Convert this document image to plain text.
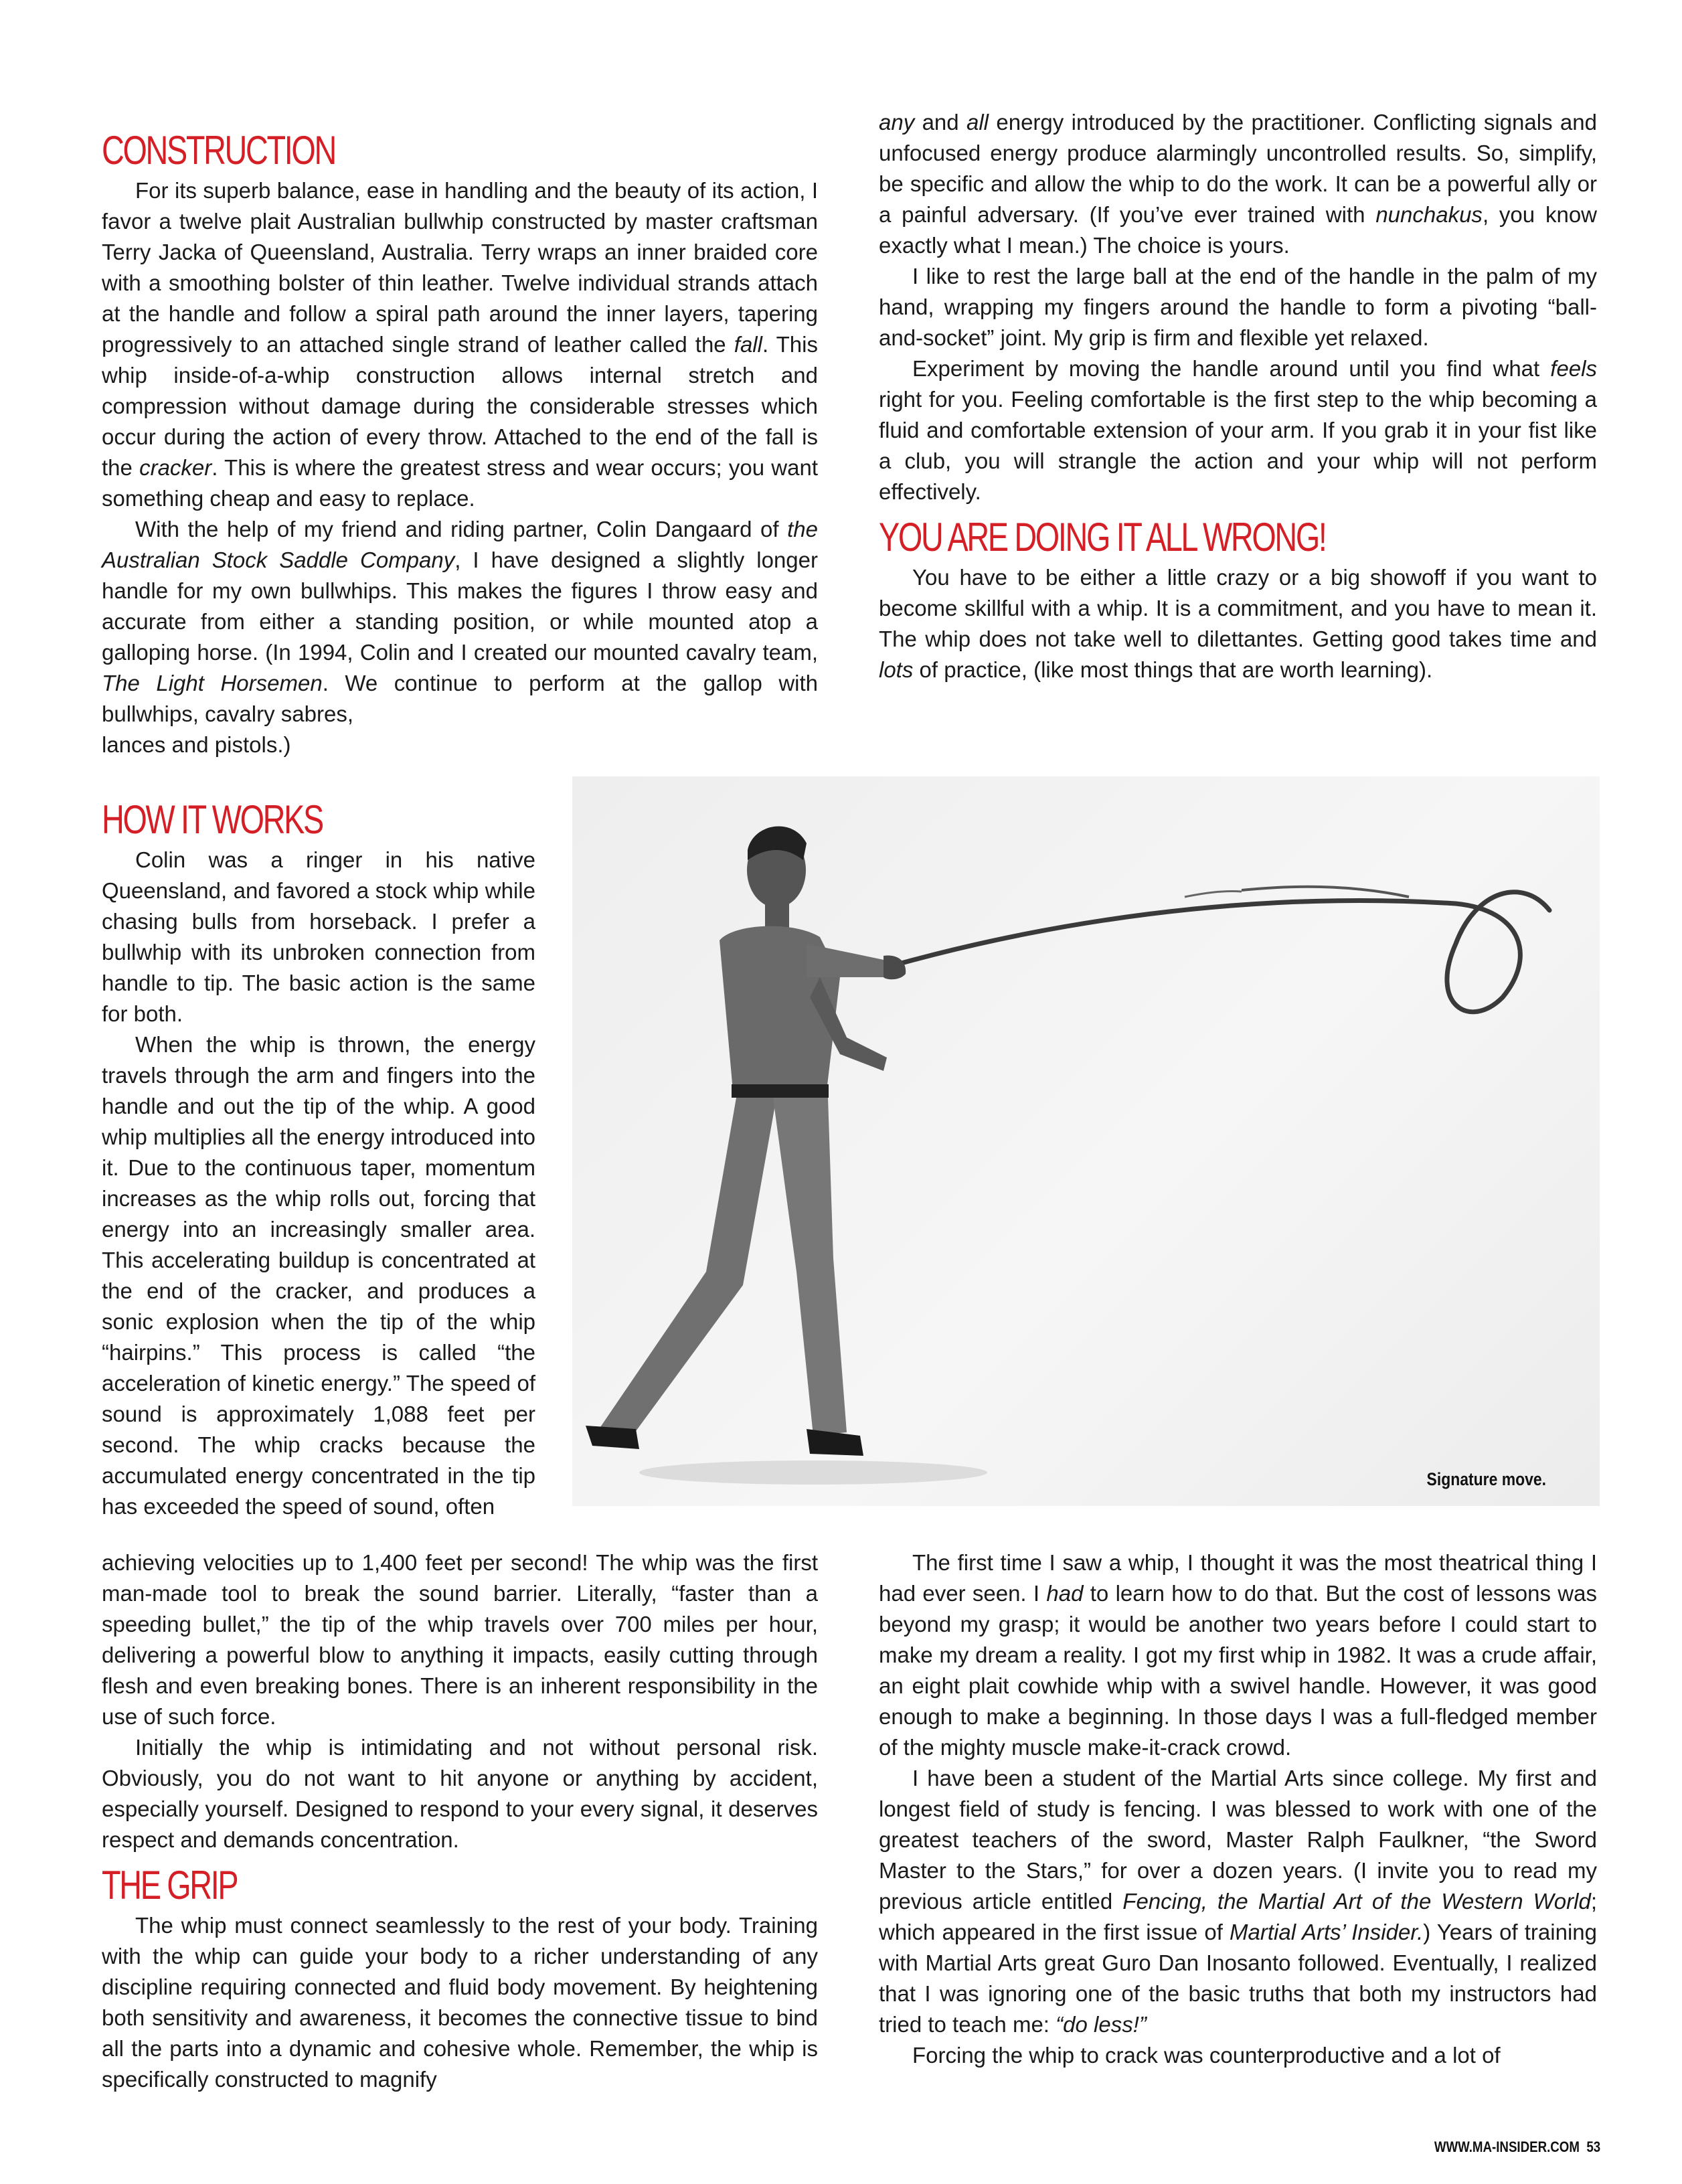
CONSTRUCTION

For its superb balance, ease in handling and the beauty of its action, I favor a twelve plait Australian bullwhip constructed by master craftsman Terry Jacka of Queensland, Australia. Terry wraps an inner braided core with a smoothing bolster of thin leather. Twelve individual strands attach at the handle and follow a spiral path around the inner layers, tapering progressively to an attached single strand of leather called the fall. This whip inside-of-a-whip construction allows internal stretch and compression without damage during the considerable stresses which occur during the action of every throw. Attached to the end of the fall is the cracker. This is where the greatest stress and wear occurs; you want something cheap and easy to replace.

With the help of my friend and riding partner, Colin Dangaard of the Australian Stock Saddle Company, I have designed a slightly longer handle for my own bullwhips. This makes the figures I throw easy and accurate from either a standing position, or while mounted atop a galloping horse. (In 1994, Colin and I created our mounted cavalry team, The Light Horsemen. We continue to perform at the gallop with bullwhips, cavalry sabres,

lances and pistols.)

HOW IT WORKS

Colin was a ringer in his native Queensland, and favored a stock whip while chasing bulls from horseback. I prefer a bullwhip with its unbroken connection from handle to tip. The basic action is the same for both.

When the whip is thrown, the energy travels through the arm and fingers into the handle and out the tip of the whip. A good whip multiplies all the energy introduced into it. Due to the continuous taper, momentum increases as the whip rolls out, forcing that energy into an increasingly smaller area. This accelerating buildup is concentrated at the end of the cracker, and produces a sonic explosion when the tip of the whip “hairpins.” This process is called “the acceleration of kinetic energy.” The speed of sound is approximately 1,088 feet per second. The whip cracks because the accumulated energy concentrated in the tip has exceeded the speed of sound, often

achieving velocities up to 1,400 feet per second! The whip was the first man-made tool to break the sound barrier. Literally, “faster than a speeding bullet,” the tip of the whip travels over 700 miles per hour, delivering a powerful blow to anything it impacts, easily cutting through flesh and even breaking bones. There is an inherent responsibility in the use of such force.

Initially the whip is intimidating and not without personal risk. Obviously, you do not want to hit anyone or anything by accident, especially yourself. Designed to respond to your every signal, it deserves respect and demands concentration.

THE GRIP

The whip must connect seamlessly to the rest of your body. Training with the whip can guide your body to a richer understanding of any discipline requiring connected and fluid body movement. By heightening both sensitivity and awareness, it becomes the connective tissue to bind all the parts into a dynamic and cohesive whole. Remember, the whip is specifically constructed to magnify

any and all energy introduced by the practitioner. Conflicting signals and unfocused energy produce alarmingly uncontrolled results. So, simplify, be specific and allow the whip to do the work. It can be a powerful ally or a painful adversary. (If you’ve ever trained with nunchakus, you know exactly what I mean.) The choice is yours.

I like to rest the large ball at the end of the handle in the palm of my hand, wrapping my fingers around the handle to form a pivoting “ball-and-socket” joint. My grip is firm and flexible yet relaxed.

Experiment by moving the handle around until you find what feels right for you. Feeling comfortable is the first step to the whip becoming a fluid and comfortable extension of your arm. If you grab it in your fist like a club, you will strangle the action and your whip will not perform effectively.

YOU ARE DOING IT ALL WRONG!

You have to be either a little crazy or a big showoff if you want to become skillful with a whip. It is a commitment, and you have to mean it. The whip does not take well to dilettantes. Getting good takes time and lots of practice, (like most things that are worth learning).

Signature move.

The first time I saw a whip, I thought it was the most theatrical thing I had ever seen. I had to learn how to do that. But the cost of lessons was beyond my grasp; it would be another two years before I could start to make my dream a reality. I got my first whip in 1982. It was a crude affair, an eight plait cowhide whip with a swivel handle. However, it was good enough to make a beginning. In those days I was a full-fledged member of the mighty muscle make-it-crack crowd.

I have been a student of the Martial Arts since college. My first and longest field of study is fencing. I was blessed to work with one of the greatest teachers of the sword, Master Ralph Faulkner, “the Sword Master to the Stars,” for over a dozen years. (I invite you to read my previous article entitled Fencing, the Martial Art of the Western World; which appeared in the first issue of Martial Arts’ Insider.) Years of training with Martial Arts great Guro Dan Inosanto followed. Eventually, I realized that I was ignoring one of the basic truths that both my instructors had tried to teach me: “do less!”

Forcing the whip to crack was counterproductive and a lot of

WWW.MA-INSIDER.COM 53
